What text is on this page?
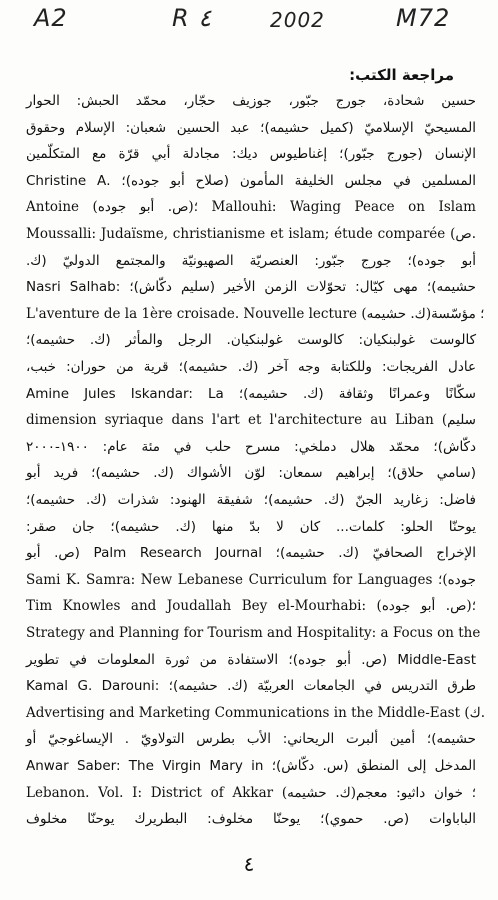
A2	R ٤	2002	M72
مراجعة الكتب:
حسين شحادة، جورج جبّور، جوزيف حجّار، محمّد الحبش: الحوار
المسيحيّ الإسلاميّ (كميل حشيمه)؛ عبد الحسين شعبان: الإسلام وحقوق
الإنسان (جورج جبّور)؛ إغناطيوس ديك: مجادلة أبي قرّة مع المتكلّمين
المسلمين في مجلس الخليفة المأمون (صلاح أبو جوده)؛ .Christine A
Antoine (ص. أبو جوده)؛ Mallouhi: Waging Peace on Islam
Moussalli: Judaïsme, christianisme et islam; étude comparée (ص.
أبو جوده)؛ جورج جبّور: العنصريّة الصهيونيّة والمجتمع الدوليّ (ك.
حشيمه)؛ مهى كيّال: تحوّلات الزمن الأخير (سليم دكّاش)؛ :Nasri Salhab
L'aventure de la 1ère croisade. Nouvelle lecture (ك. حشيمه)؛ مؤسّسة
كالوست غولبنكيان: كالوست غولبنكيان. الرجل والمأثر (ك. حشيمه)؛
عادل الفريجات: وللكتابة وجه آخر (ك. حشيمه)؛ قرية من حوران: خبب،
سكّانًا وعمرانًا وثقافة (ك. حشيمه)؛ Amine Jules Iskandar: La
dimension syriaque dans l'art et l'architecture au Liban (سليم
دكّاش)؛ محمّد هلال دملخي: مسرح حلب في مئة عام: ١٩٠٠-٢٠٠٠
(سامي حلاق)؛ إبراهيم سمعان: لوّن الأشواك (ك. حشيمه)؛ فريد أبو
فاضل: زغاريد الجنّ (ك. حشيمه)؛ شفيقة الهنود: شذرات (ك. حشيمه)؛
يوحنّا الحلو: كلمات... كان لا بدّ منها (ك. حشيمه)؛ جان صقر:
الإخراج الصحافيّ (ك. حشيمه)؛ Palm Research Journal (ص. أبو
Sami K. Samra: New Lebanese Curriculum for Languages جوده)؛
Tim Knowles and Joudallah Bey el-Mourhabi: (ص. أبو جوده)؛
Strategy and Planning for Tourism and Hospitality: a Focus on the
Middle-East (ص. أبو جوده)؛ الاستفادة من ثورة المعلومات في تطوير
طرق التدريس في الجامعات العربيّة (ك. حشيمه)؛ :Kamal G. Darouni
Advertising and Marketing Communications in the Middle-East (ك.
حشيمه)؛ أمين ألبرت الريحاني: الأب بطرس التولاويّ . الإيساغوجيّ أو
المدخل إلى المنطق (س. دكّاش)؛ Anwar Saber: The Virgin Mary in
Lebanon. Vol. I: District of Akkar (ك. حشيمه)؛ خوان داثيو: معجم
الباباوات (ص. حموي)؛ يوحنّا مخلوف: البطريرك يوحنّا مخلوف
٤
